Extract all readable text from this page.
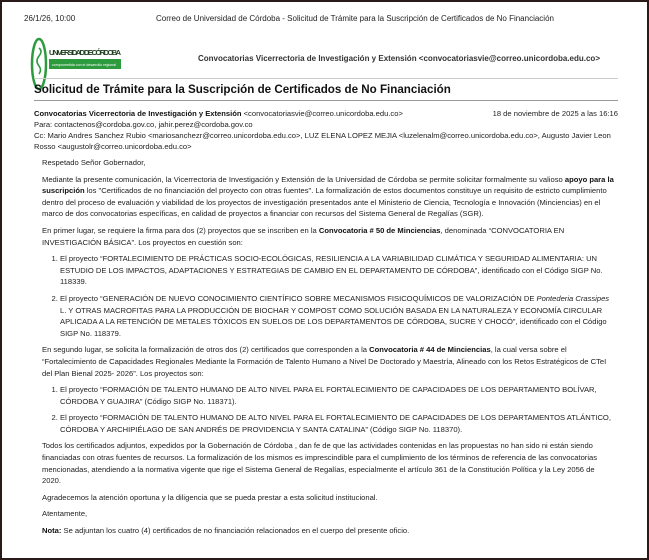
26/1/26, 10:00	Correo de Universidad de Córdoba - Solicitud de Trámite para la Suscripción de Certificados de No Financiación
UNIVERSIDAD DE CÓRDOBA
comprometida con el desarrollo regional
Convocatorias Vicerrectoria de Investigación y Extensión <convocatoriasvie@correo.unicordoba.edu.co>
Solicitud de Trámite para la Suscripción de Certificados de No Financiación
Convocatorias Vicerrectoria de Investigación y Extensión <convocatoriasvie@correo.unicordoba.edu.co>	18 de noviembre de 2025 a las 16:16
Para: contactenos@cordoba.gov.co, jahir.perez@cordoba.gov.co
Cc: Mario Andres Sanchez Rubio <mariosanchezr@correo.unicordoba.edu.co>, LUZ ELENA LOPEZ MEJIA <luzelenalm@correo.unicordoba.edu.co>, Augusto Javier Leon Rosso <augustolr@correo.unicordoba.edu.co>

Respetado Señor Gobernador,

Mediante la presente comunicación, la Vicerrectoria de Investigación y Extensión de la Universidad de Córdoba se permite solicitar formalmente su valioso apoyo para la suscripción los "Certificados de no financiación del proyecto con otras fuentes". La formalización de estos documentos constituye un requisito de estricto cumplimiento dentro del proceso de evaluación y viabilidad de los proyectos de investigación presentados ante el Ministerio de Ciencia, Tecnología e Innovación (Minciencias) en el marco de dos convocatorias específicas, en calidad de proyectos a financiar con recursos del Sistema General de Regalías (SGR).

En primer lugar, se requiere la firma para dos (2) proyectos que se inscriben en la Convocatoria # 50 de Minciencias, denominada “CONVOCATORIA EN INVESTIGACIÓN BÁSICA”. Los proyectos en cuestión son:

1. El proyecto “FORTALECIMIENTO DE PRÁCTICAS SOCIO-ECOLÓGICAS, RESILIENCIA A LA VARIABILIDAD CLIMÁTICA Y SEGURIDAD ALIMENTARIA: UN ESTUDIO DE LOS IMPACTOS, ADAPTACIONES Y ESTRATEGIAS DE CAMBIO EN EL DEPARTAMENTO DE CÓRDOBA”, identificado con el Código SIGP No. 118339.
2. El proyecto “GENERACIÓN DE NUEVO CONOCIMIENTO CIENTÍFICO SOBRE MECANISMOS FISICOQUÍMICOS DE VALORIZACIÓN DE Pontederia Crassipes L. Y OTRAS MACROFITAS PARA LA PRODUCCIÓN DE BIOCHAR Y COMPOST COMO SOLUCIÓN BASADA EN LA NATURALEZA Y ECONOMÍA CIRCULAR APLICADA A LA RETENCIÓN DE METALES TÓXICOS EN SUELOS DE LOS DEPARTAMENTOS DE CÓRDOBA, SUCRE Y CHOCÓ”, identificado con el Código SIGP No. 118379.

En segundo lugar, se solicita la formalización de otros dos (2) certificados que corresponden a la Convocatoria # 44 de Minciencias, la cual versa sobre el “Fortalecimiento de Capacidades Regionales Mediante la Formación de Talento Humano a Nivel De Doctorado y Maestría, Alineado con los Retos Estratégicos de CTeI del Plan Bienal 2025- 2026”. Los proyectos son:

1. El proyecto “FORMACIÓN DE TALENTO HUMANO DE ALTO NIVEL PARA EL FORTALECIMIENTO DE CAPACIDADES DE LOS DEPARTAMENTO BOLÍVAR, CÓRDOBA Y GUAJIRA” (Código SIGP No. 118371).
2. El proyecto “FORMACIÓN DE TALENTO HUMANO DE ALTO NIVEL PARA EL FORTALECIMIENTO DE CAPACIDADES DE LOS DEPARTAMENTOS ATLÁNTICO, CÓRDOBA Y ARCHIPIÉLAGO DE SAN ANDRÉS DE PROVIDENCIA Y SANTA CATALINA” (Código SIGP No. 118370).

Todos los certificados adjuntos, expedidos por la Gobernación de Córdoba , dan fe de que las actividades contenidas en las propuestas no han sido ni están siendo financiadas con otras fuentes de recursos. La formalización de los mismos es imprescindible para el cumplimiento de los términos de referencia de las convocatorias mencionadas, atendiendo a la normativa vigente que rige el Sistema General de Regalías, especialmente el artículo 361 de la Constitución Política y la Ley 2056 de 2020.

Agradecemos la atención oportuna y la diligencia que se pueda prestar a esta solicitud institucional.

Atentamente,

Nota: Se adjuntan los cuatro (4) certificados de no financiación relacionados en el cuerpo del presente oficio.
